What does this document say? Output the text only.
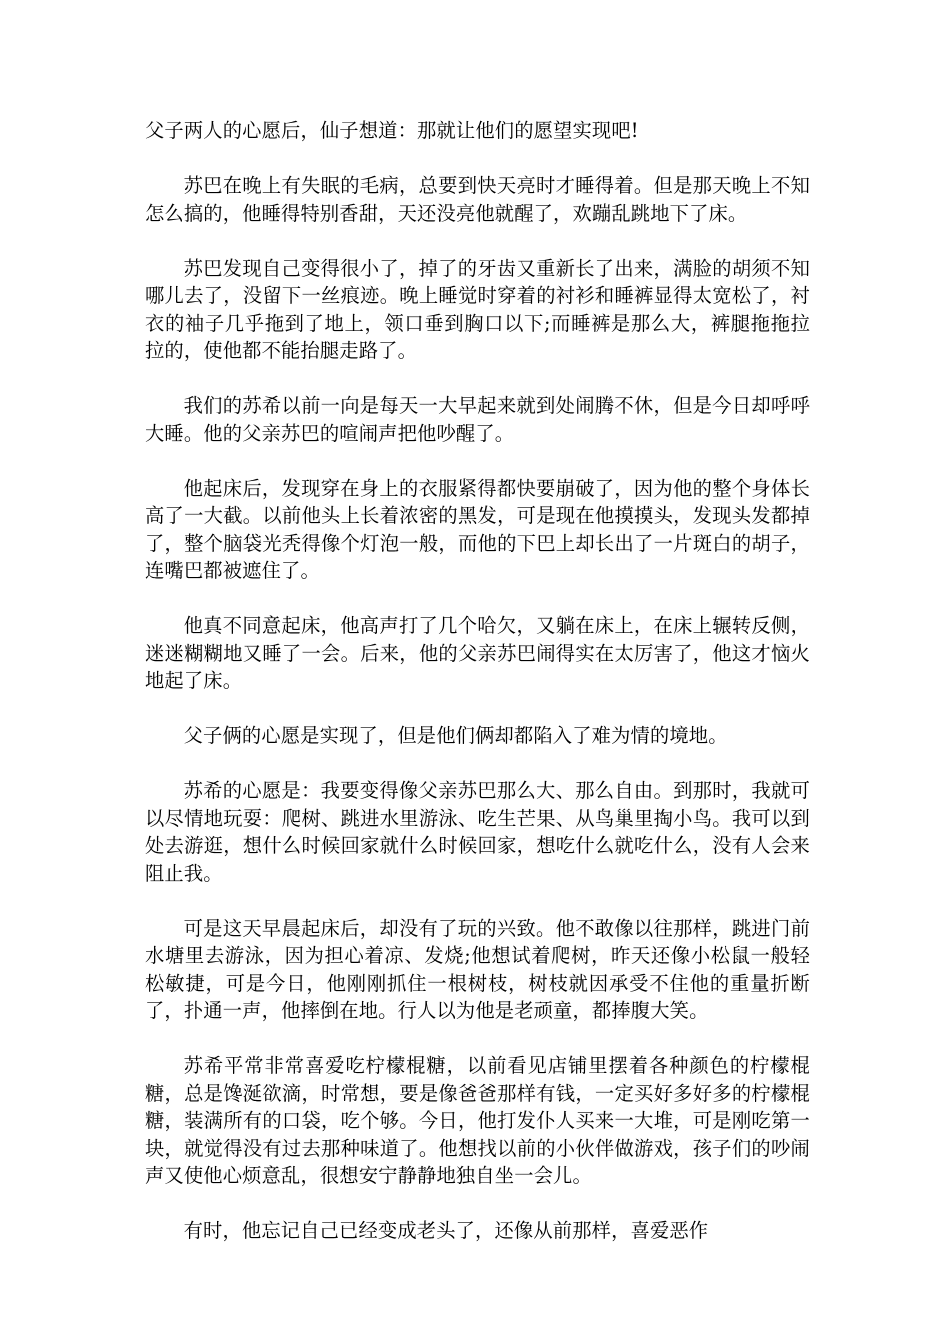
父子两人的心愿后，仙子想道：那就让他们的愿望实现吧!

苏巴在晚上有失眠的毛病，总要到快天亮时才睡得着。但是那天晚上不知怎么搞的，他睡得特别香甜，天还没亮他就醒了，欢蹦乱跳地下了床。

苏巴发现自己变得很小了，掉了的牙齿又重新长了出来，满脸的胡须不知哪儿去了，没留下一丝痕迹。晚上睡觉时穿着的衬衫和睡裤显得太宽松了，衬衣的袖子几乎拖到了地上，领口垂到胸口以下;而睡裤是那么大，裤腿拖拖拉拉的，使他都不能抬腿走路了。

我们的苏希以前一向是每天一大早起来就到处闹腾不休，但是今日却呼呼大睡。他的父亲苏巴的喧闹声把他吵醒了。

他起床后，发现穿在身上的衣服紧得都快要崩破了，因为他的整个身体长高了一大截。以前他头上长着浓密的黑发，可是现在他摸摸头，发现头发都掉了，整个脑袋光秃得像个灯泡一般，而他的下巴上却长出了一片斑白的胡子，连嘴巴都被遮住了。

他真不同意起床，他高声打了几个哈欠，又躺在床上，在床上辗转反侧，迷迷糊糊地又睡了一会。后来，他的父亲苏巴闹得实在太厉害了，他这才恼火地起了床。

父子俩的心愿是实现了，但是他们俩却都陷入了难为情的境地。

苏希的心愿是：我要变得像父亲苏巴那么大、那么自由。到那时，我就可以尽情地玩耍：爬树、跳进水里游泳、吃生芒果、从鸟巢里掏小鸟。我可以到处去游逛，想什么时候回家就什么时候回家，想吃什么就吃什么，没有人会来阻止我。

可是这天早晨起床后，却没有了玩的兴致。他不敢像以往那样，跳进门前水塘里去游泳，因为担心着凉、发烧;他想试着爬树，昨天还像小松鼠一般轻松敏捷，可是今日，他刚刚抓住一根树枝，树枝就因承受不住他的重量折断了，扑通一声，他摔倒在地。行人以为他是老顽童，都捧腹大笑。

苏希平常非常喜爱吃柠檬棍糖，以前看见店铺里摆着各种颜色的柠檬棍糖，总是馋涎欲滴，时常想，要是像爸爸那样有钱，一定买好多好多的柠檬棍糖，装满所有的口袋，吃个够。今日，他打发仆人买来一大堆，可是刚吃第一块，就觉得没有过去那种味道了。他想找以前的小伙伴做游戏，孩子们的吵闹声又使他心烦意乱，很想安宁静静地独自坐一会儿。

有时，他忘记自己已经变成老头了，还像从前那样，喜爱恶作
